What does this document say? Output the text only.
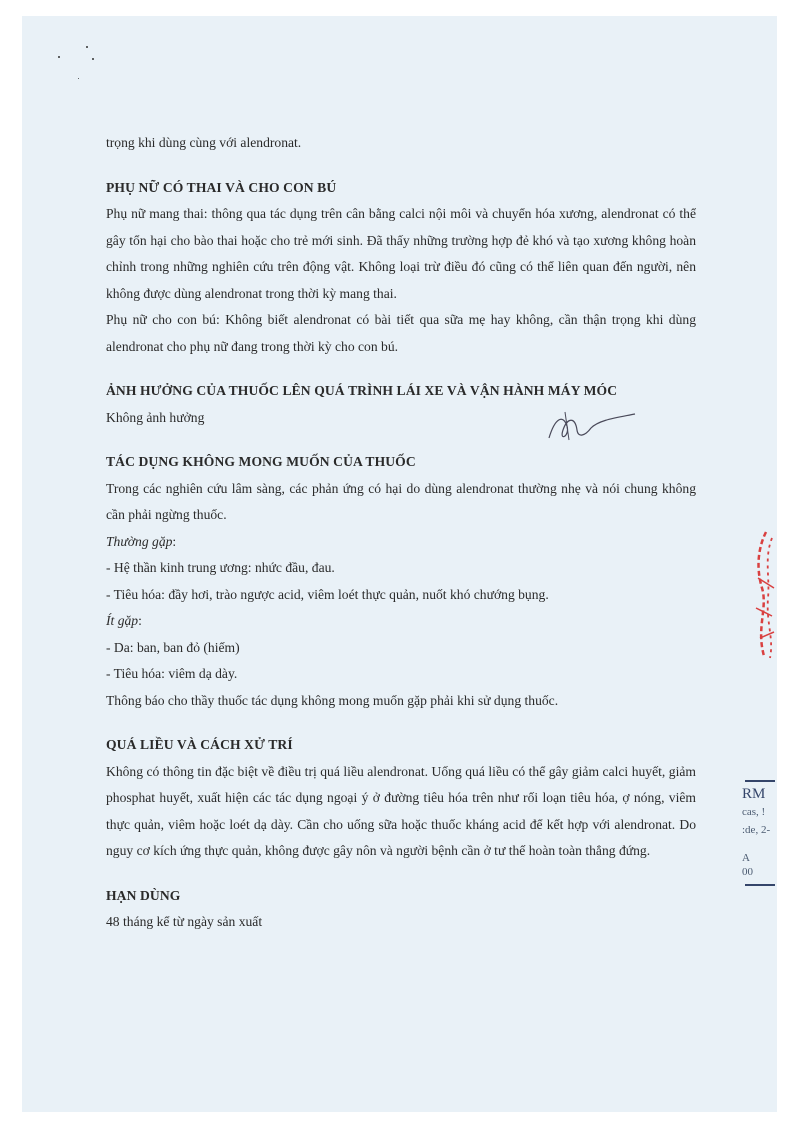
trọng khi dùng cùng với alendronat.

PHỤ NỮ CÓ THAI VÀ CHO CON BÚ

Phụ nữ mang thai: thông qua tác dụng trên cân bằng calci nội môi và chuyển hóa xương, alendronat có thể gây tổn hại cho bào thai hoặc cho trẻ mới sinh. Đã thấy những trường hợp đẻ khó và tạo xương không hoàn chỉnh trong những nghiên cứu trên động vật. Không loại trừ điều đó cũng có thể liên quan đến người, nên không được dùng alendronat trong thời kỳ mang thai.

Phụ nữ cho con bú: Không biết alendronat có bài tiết qua sữa mẹ hay không, cần thận trọng khi dùng alendronat cho phụ nữ đang trong thời kỳ cho con bú.

ẢNH HƯỞNG CỦA THUỐC LÊN QUÁ TRÌNH LÁI XE VÀ VẬN HÀNH MÁY MÓC

Không ảnh hưởng

TÁC DỤNG KHÔNG MONG MUỐN CỦA THUỐC

Trong các nghiên cứu lâm sàng, các phản ứng có hại do dùng alendronat thường nhẹ và nói chung không cần phải ngừng thuốc.

Thường gặp:

- Hệ thần kinh trung ương: nhức đầu, đau.

- Tiêu hóa: đầy hơi, trào ngược acid, viêm loét thực quản, nuốt khó chướng bụng.

Ít gặp:

- Da: ban, ban đỏ (hiếm)

- Tiêu hóa: viêm dạ dày.

Thông báo cho thầy thuốc tác dụng không mong muốn gặp phải khi sử dụng thuốc.

QUÁ LIỀU VÀ CÁCH XỬ TRÍ

Không có thông tin đặc biệt về điều trị quá liều alendronat. Uống quá liều có thể gây giảm calci huyết, giảm phosphat huyết, xuất hiện các tác dụng ngoại ý ở đường tiêu hóa trên như rối loạn tiêu hóa, ợ nóng, viêm thực quản, viêm hoặc loét dạ dày. Cần cho uống sữa hoặc thuốc kháng acid để kết hợp với alendronat. Do nguy cơ kích ứng thực quản, không được gây nôn và người bệnh cần ở tư thế hoàn toàn thẳng đứng.

HẠN DÙNG

48 tháng kể từ ngày sản xuất

RM
cas, !
:de, 2-
A
00
